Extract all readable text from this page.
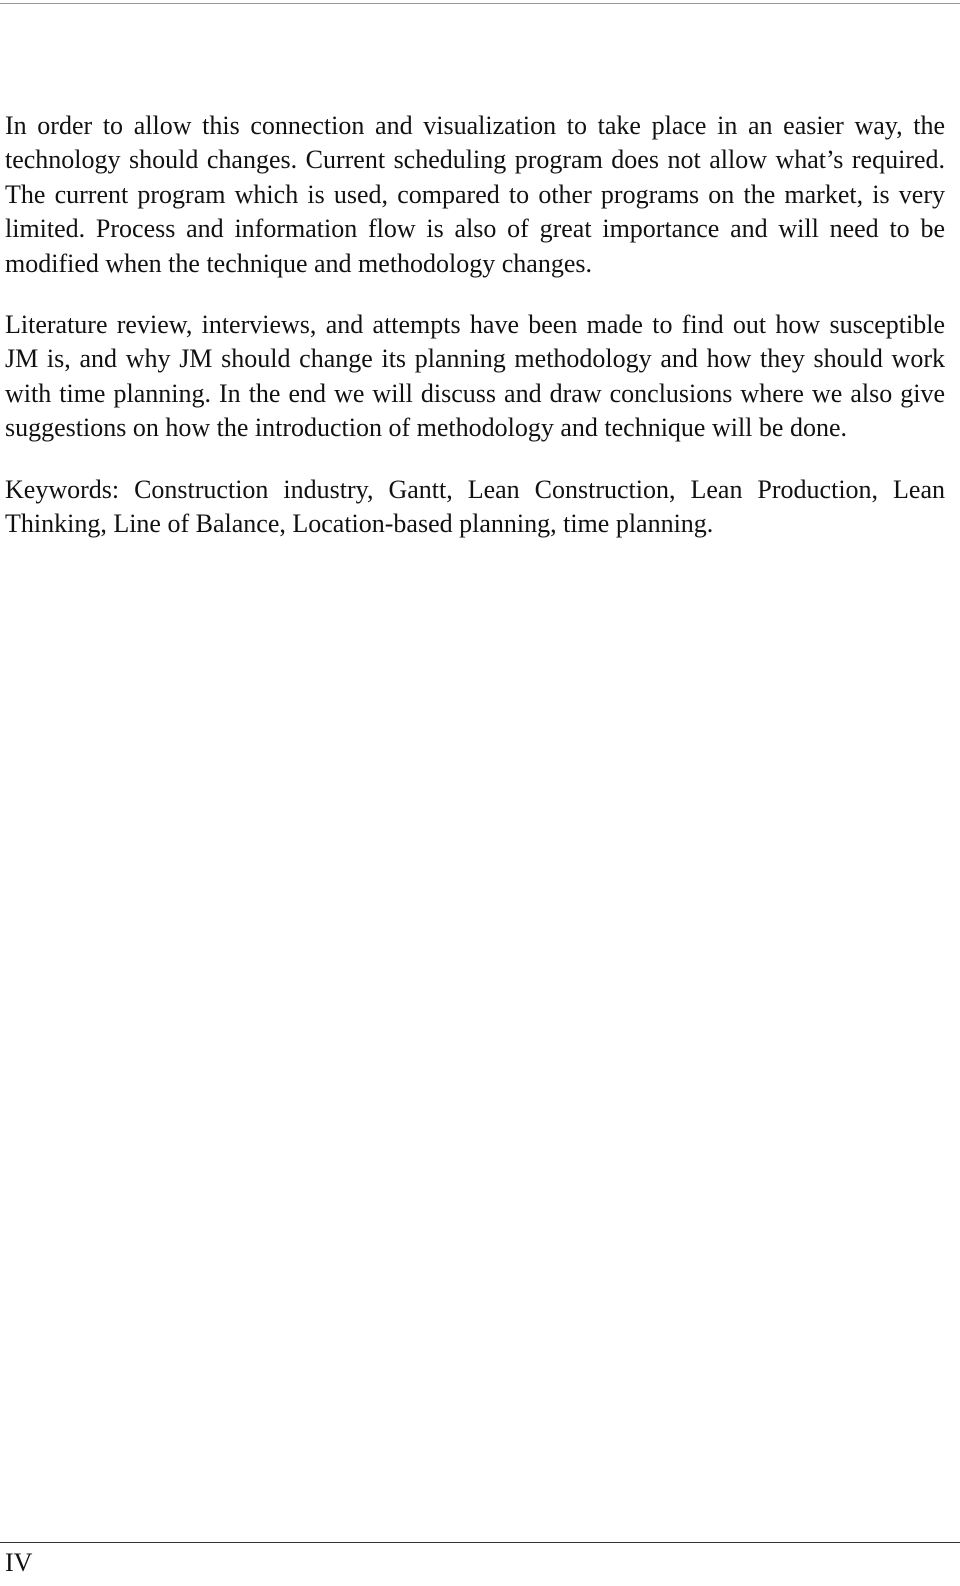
In order to allow this connection and visualization to take place in an easier way, the technology should changes. Current scheduling program does not allow what’s required. The current program which is used, compared to other programs on the market, is very limited. Process and information flow is also of great importance and will need to be modified when the technique and methodology changes.

Literature review, interviews, and attempts have been made to find out how susceptible JM is, and why JM should change its planning methodology and how they should work with time planning. In the end we will discuss and draw conclusions where we also give suggestions on how the introduction of methodology and technique will be done.

Keywords: Construction industry, Gantt, Lean Construction, Lean Production, Lean Thinking, Line of Balance, Location-based planning, time planning.

IV
